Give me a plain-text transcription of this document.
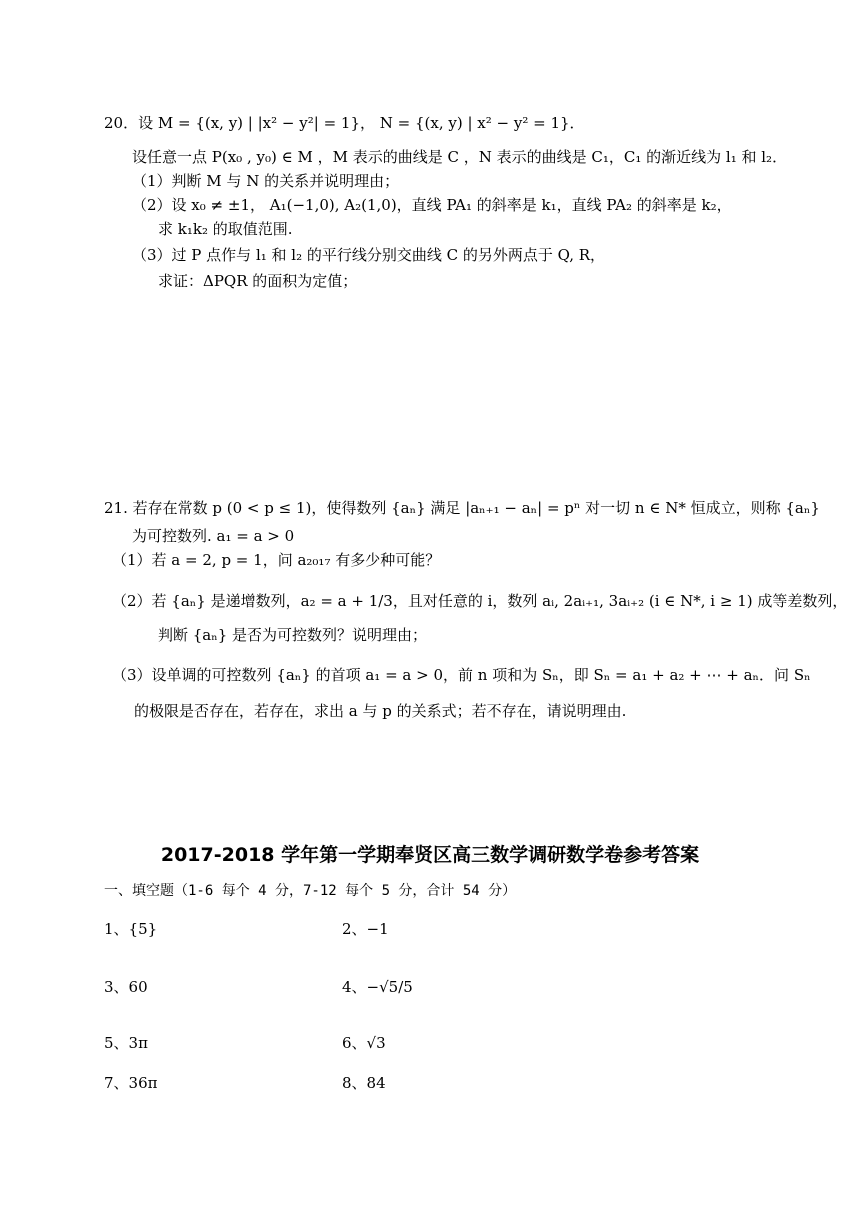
20．设 M = {(x, y) | |x² − y²| = 1}， N = {(x, y) | x² − y² = 1}．
设任意一点 P(x₀ , y₀) ∈ M ，M 表示的曲线是 C ，N 表示的曲线是 C₁，C₁ 的渐近线为 l₁ 和 l₂．
（1）判断 M 与 N 的关系并说明理由；
（2）设 x₀ ≠ ±1， A₁(−1,0), A₂(1,0)，直线 PA₁ 的斜率是 k₁，直线 PA₂ 的斜率是 k₂，
求 k₁k₂ 的取值范围.
（3）过 P 点作与 l₁ 和 l₂ 的平行线分别交曲线 C 的另外两点于 Q, R，
求证：ΔPQR 的面积为定值；
21. 若存在常数 p (0 < p ≤ 1)，使得数列 {aₙ} 满足 |aₙ₊₁ − aₙ| = pⁿ 对一切 n ∈ N* 恒成立，则称 {aₙ}
为可控数列. a₁ = a > 0
（1）若 a = 2, p = 1，问 a₂₀₁₇ 有多少种可能？
（2）若 {aₙ} 是递增数列，a₂ = a + 1/3，且对任意的 i，数列 aᵢ, 2aᵢ₊₁, 3aᵢ₊₂ (i ∈ N*, i ≥ 1) 成等差数列，
判断 {aₙ} 是否为可控数列？说明理由；
（3）设单调的可控数列 {aₙ} 的首项 a₁ = a > 0，前 n 项和为 Sₙ，即 Sₙ = a₁ + a₂ + ⋯ + aₙ．问 Sₙ
的极限是否存在，若存在，求出 a 与 p 的关系式；若不存在，请说明理由.
2017-2018 学年第一学期奉贤区高三数学调研数学卷参考答案
一、填空题（1-6 每个 4 分，7-12 每个 5 分，合计 54 分）
1、{5}	2、−1
3、60	4、−√5/5
5、3π	6、√3
7、36π	8、84
